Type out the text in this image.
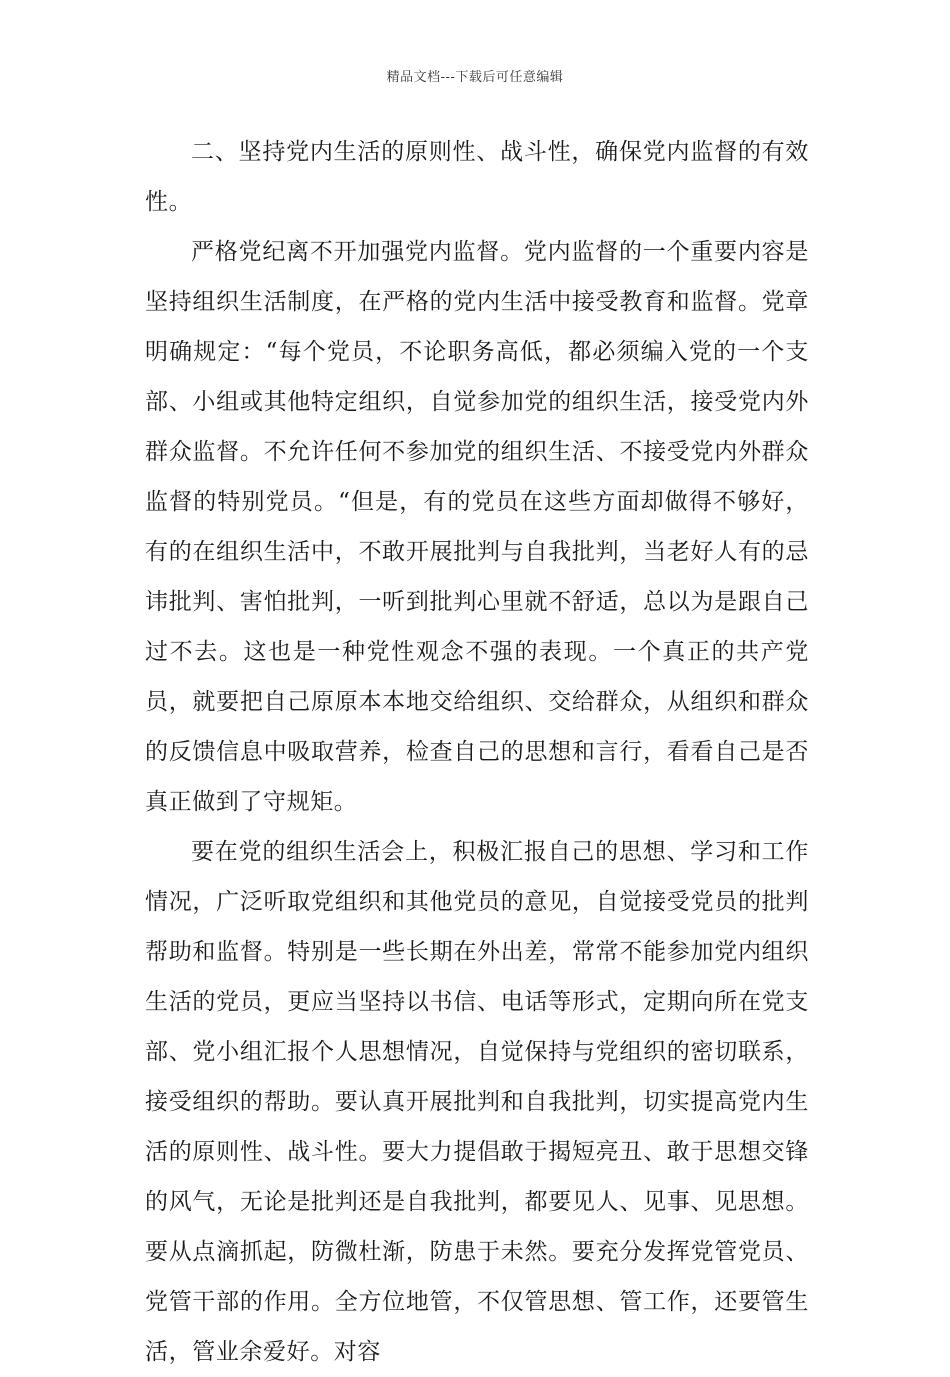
精品文档---下载后可任意编辑

二、坚持党内生活的原则性、战斗性，确保党内监督的有效性。

严格党纪离不开加强党内监督。党内监督的一个重要内容是坚持组织生活制度，在严格的党内生活中接受教育和监督。党章明确规定：“每个党员，不论职务高低，都必须编入党的一个支部、小组或其他特定组织，自觉参加党的组织生活，接受党内外群众监督。不允许任何不参加党的组织生活、不接受党内外群众监督的特别党员。“但是，有的党员在这些方面却做得不够好，有的在组织生活中，不敢开展批判与自我批判，当老好人有的忌讳批判、害怕批判，一听到批判心里就不舒适，总以为是跟自己过不去。这也是一种党性观念不强的表现。一个真正的共产党员，就要把自己原原本本地交给组织、交给群众，从组织和群众的反馈信息中吸取营养，检查自己的思想和言行，看看自己是否真正做到了守规矩。

要在党的组织生活会上，积极汇报自己的思想、学习和工作情况，广泛听取党组织和其他党员的意见，自觉接受党员的批判帮助和监督。特别是一些长期在外出差，常常不能参加党内组织生活的党员，更应当坚持以书信、电话等形式，定期向所在党支部、党小组汇报个人思想情况，自觉保持与党组织的密切联系，接受组织的帮助。要认真开展批判和自我批判，切实提高党内生活的原则性、战斗性。要大力提倡敢于揭短亮丑、敢于思想交锋的风气，无论是批判还是自我批判，都要见人、见事、见思想。要从点滴抓起，防微杜渐，防患于未然。要充分发挥党管党员、党管干部的作用。全方位地管，不仅管思想、管工作，还要管生活，管业余爱好。对容
